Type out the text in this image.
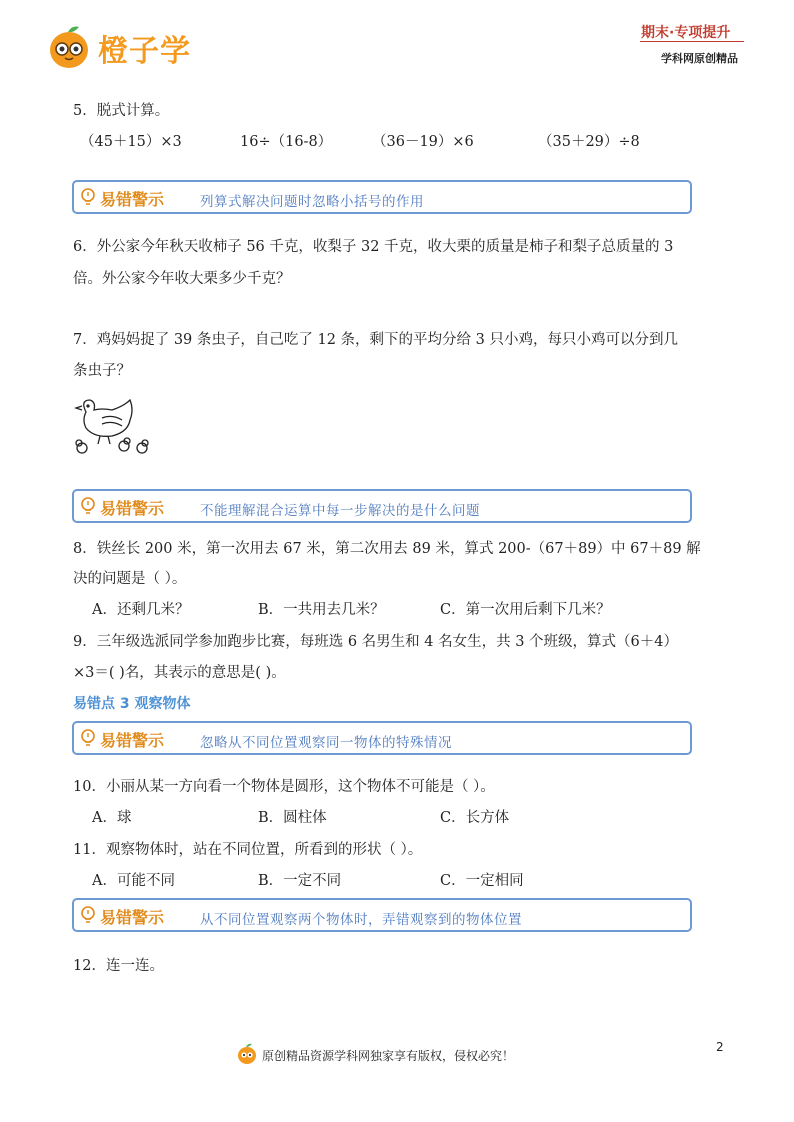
橙子学
期末·专项提升
学科网原创精品
5．脱式计算。
（45＋15）×3	16÷（16-8）	（36－19）×6	（35＋29）÷8
易错警示	列算式解决问题时忽略小括号的作用
6．外公家今年秋天收柿子 56 千克，收梨子 32 千克，收大栗的质量是柿子和梨子总质量的 3
倍。外公家今年收大栗多少千克？
7．鸡妈妈捉了 39 条虫子，自己吃了 12 条，剩下的平均分给 3 只小鸡，每只小鸡可以分到几
条虫子？
易错警示	不能理解混合运算中每一步解决的是什么问题
8．铁丝长 200 米，第一次用去 67 米，第二次用去 89 米，算式 200-（67＋89）中 67＋89 解
决的问题是（ ）。
A．还剩几米？	B．一共用去几米？	C．第一次用后剩下几米？
9．三年级选派同学参加跑步比赛，每班选 6 名男生和 4 名女生，共 3 个班级，算式（6＋4）
×3＝( )名，其表示的意思是( )。
易错点 3 观察物体
易错警示	忽略从不同位置观察同一物体的特殊情况
10．小丽从某一方向看一个物体是圆形，这个物体不可能是（ ）。
A．球	B．圆柱体	C．长方体
11．观察物体时，站在不同位置，所看到的形状（ ）。
A．可能不同	B．一定不同	C．一定相同
易错警示	从不同位置观察两个物体时，弄错观察到的物体位置
12．连一连。
2
原创精品资源学科网独家享有版权，侵权必究！
